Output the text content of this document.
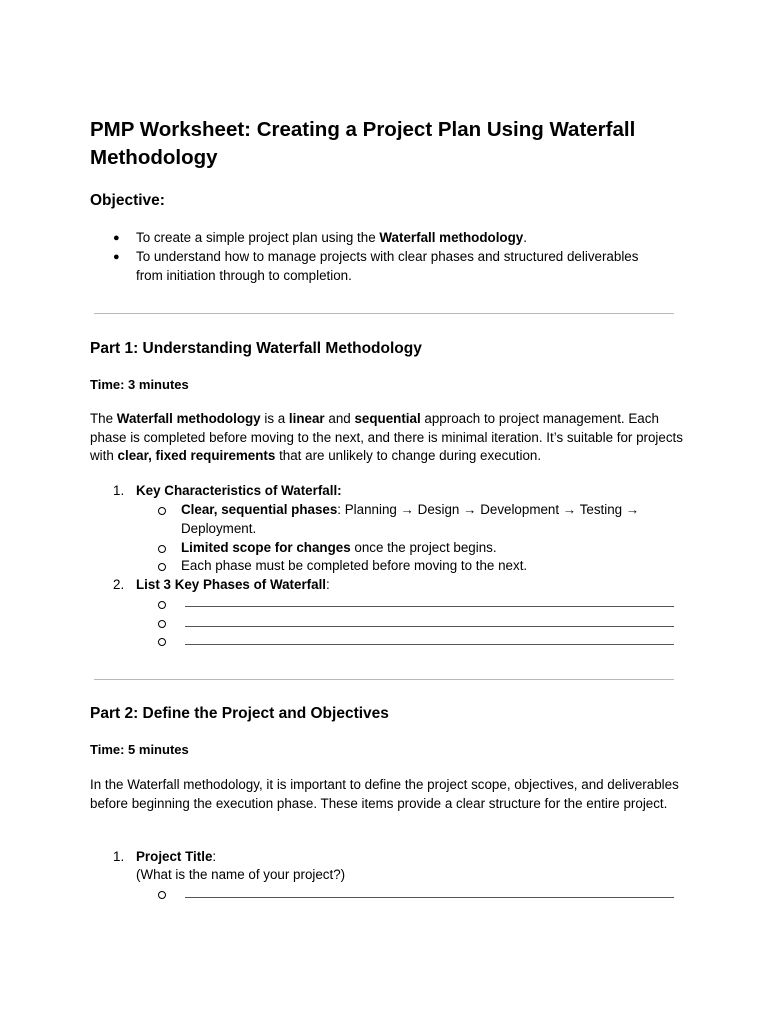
PMP Worksheet: Creating a Project Plan Using Waterfall Methodology
Objective:
● To create a simple project plan using the Waterfall methodology.
● To understand how to manage projects with clear phases and structured deliverables
from initiation through to completion.
Part 1: Understanding Waterfall Methodology

Time: 3 minutes

The Waterfall methodology is a linear and sequential approach to project management. Each phase is completed before moving to the next, and there is minimal iteration. It’s suitable for projects with clear, fixed requirements that are unlikely to change during execution.

1. Key Characteristics of Waterfall:
Clear, sequential phases: Planning → Design → Development → Testing →
Deployment.
Limited scope for changes once the project begins.
Each phase must be completed before moving to the next.
2. List 3 Key Phases of Waterfall:
Part 2: Define the Project and Objectives

Time: 5 minutes

In the Waterfall methodology, it is important to define the project scope, objectives, and deliverables before beginning the execution phase. These items provide a clear structure for the entire project.

1. Project Title:
(What is the name of your project?)
